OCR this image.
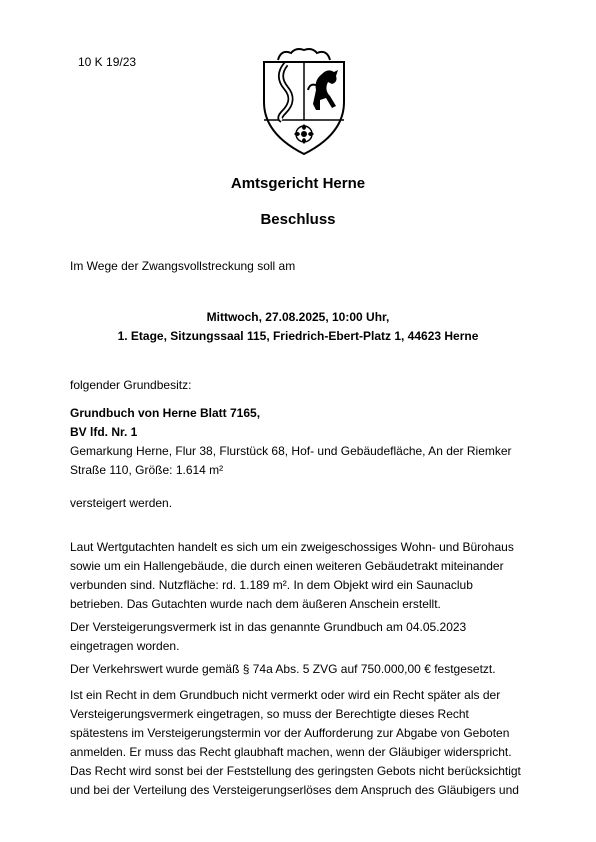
10 K 19/23
Amtsgericht Herne
Beschluss
Im Wege der Zwangsvollstreckung soll am
Mittwoch, 27.08.2025, 10:00 Uhr,
1. Etage, Sitzungssaal 115, Friedrich-Ebert-Platz 1, 44623 Herne
folgender Grundbesitz:
Grundbuch von Herne Blatt 7165,
BV lfd. Nr. 1
Gemarkung Herne, Flur 38, Flurstück 68, Hof- und Gebäudefläche, An der Riemker
Straße 110, Größe: 1.614 m²
versteigert werden.
Laut Wertgutachten handelt es sich um ein zweigeschossiges Wohn- und Bürohaus
sowie um ein Hallengebäude, die durch einen weiteren Gebäudetrakt miteinander
verbunden sind. Nutzfläche: rd. 1.189 m². In dem Objekt wird ein Saunaclub
betrieben. Das Gutachten wurde nach dem äußeren Anschein erstellt.
Der Versteigerungsvermerk ist in das genannte Grundbuch am 04.05.2023
eingetragen worden.
Der Verkehrswert wurde gemäß § 74a Abs. 5 ZVG auf 750.000,00 € festgesetzt.
Ist ein Recht in dem Grundbuch nicht vermerkt oder wird ein Recht später als der
Versteigerungsvermerk eingetragen, so muss der Berechtigte dieses Recht
spätestens im Versteigerungstermin vor der Aufforderung zur Abgabe von Geboten
anmelden. Er muss das Recht glaubhaft machen, wenn der Gläubiger widerspricht.
Das Recht wird sonst bei der Feststellung des geringsten Gebots nicht berücksichtigt
und bei der Verteilung des Versteigerungserlöses dem Anspruch des Gläubigers und
